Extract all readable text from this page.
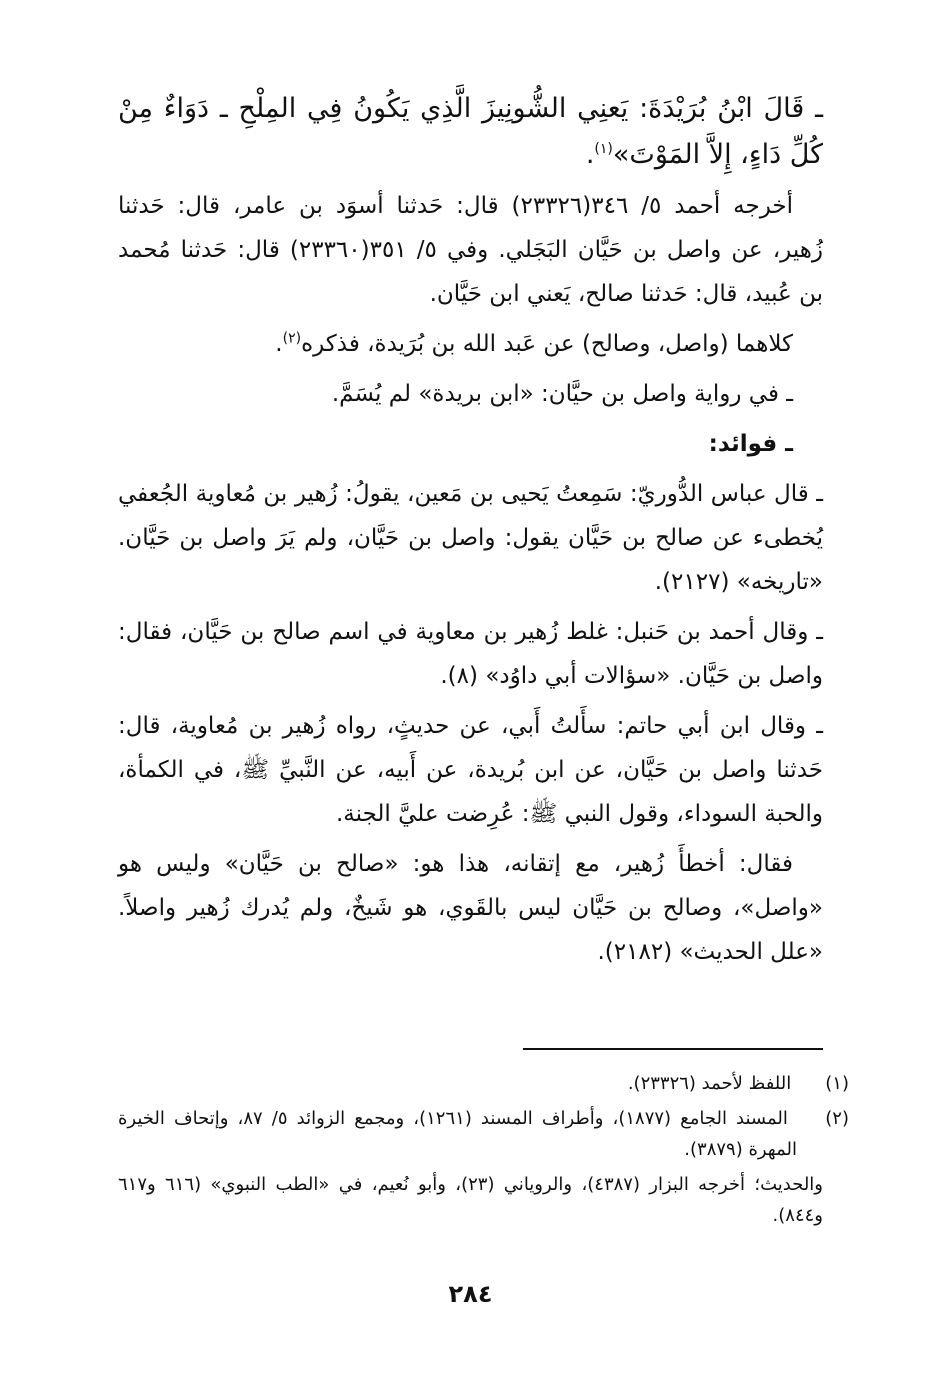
ـ قَالَ ابْنُ بُرَيْدَةَ: يَعنِي الشُّونِيزَ الَّذِي يَكُونُ فِي المِلْحِ ـ دَوَاءٌ مِنْ كُلِّ دَاءٍ، إِلاَّ المَوْتَ»$^{(١)}$.

أخرجه أحمد ٥/ ٣٤٦(٢٣٣٢٦) قال: حَدثنا أسوَد بن عامر، قال: حَدثنا زُهير، عن واصل بن حَيَّان البَجَلي. وفي ٥/ ٣٥١(٢٣٣٦٠) قال: حَدثنا مُحمد بن عُبيد، قال: حَدثنا صالح، يَعني ابن حَيَّان.

كلاهما (واصل، وصالح) عن عَبد الله بن بُرَيدة، فذكره$^{(٢)}$.

ـ في رواية واصل بن حيَّان: «ابن بريدة» لم يُسَمَّ.

ـ فوائد:

ـ قال عباس الدُّوريّ: سَمِعتُ يَحيى بن مَعين، يقولُ: زُهير بن مُعاوية الجُعفي يُخطىء عن صالح بن حَيَّان يقول: واصل بن حَيَّان، ولم يَرَ واصل بن حَيَّان. «تاريخه» (٢١٢٧).

ـ وقال أحمد بن حَنبل: غلط زُهير بن معاوية في اسم صالح بن حَيَّان، فقال: واصل بن حَيَّان. «سؤالات أبي داوُد» (٨).

ـ وقال ابن أبي حاتم: سأَلتُ أَبي، عن حديثٍ، رواه زُهير بن مُعاوية، قال: حَدثنا واصل بن حَيَّان، عن ابن بُريدة، عن أَبيه، عن النَّبيِّ ﷺ، في الكمأة، والحبة السوداء، وقول النبي ﷺ: عُرِضت عليَّ الجنة.

فقال: أخطأَ زُهير، مع إتقانه، هذا هو: «صالح بن حَيَّان» وليس هو «واصل»، وصالح بن حَيَّان ليس بالقَوي، هو شَيخٌ، ولم يُدرك زُهير واصلاً. «علل الحديث» (٢١٨٢).

(١) اللفظ لأحمد (٢٣٣٢٦).

(٢) المسند الجامع (١٨٧٧)، وأطراف المسند (١٢٦١)، ومجمع الزوائد ٥/ ٨٧، وإتحاف الخيرة المهرة (٣٨٧٩).

والحديث؛ أخرجه البزار (٤٣٨٧)، والروياني (٢٣)، وأبو نُعيم، في «الطب النبوي» (٦١٦ و٦١٧ و٨٤٤).

٢٨٤
